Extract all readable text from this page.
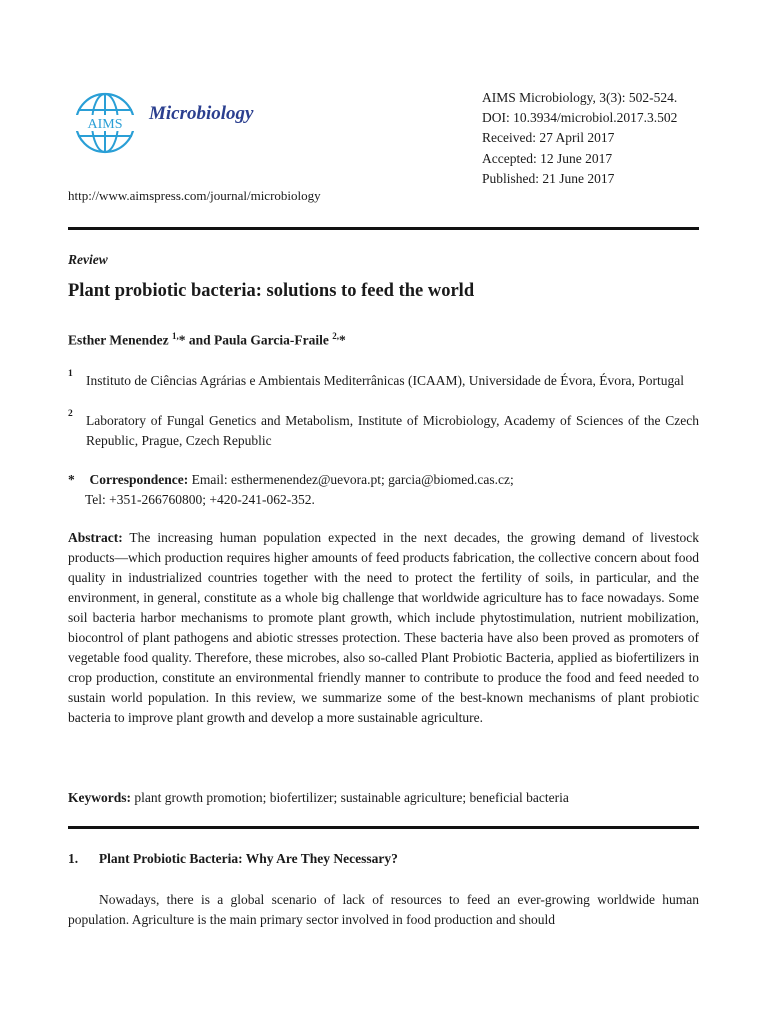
AIMS
Microbiology
AIMS Microbiology, 3(3): 502-524.
DOI: 10.3934/microbiol.2017.3.502
Received: 27 April 2017
Accepted: 12 June 2017
Published: 21 June 2017
http://www.aimspress.com/journal/microbiology
Review
Plant probiotic bacteria: solutions to feed the world
Esther Menendez $^{1,}$* and Paula Garcia-Fraile $^{2,}$*
1 Instituto de Ciências Agrárias e Ambientais Mediterrânicas (ICAAM), Universidade de Évora, Évora, Portugal
2 Laboratory of Fungal Genetics and Metabolism, Institute of Microbiology, Academy of Sciences of the Czech Republic, Prague, Czech Republic
* Correspondence: Email: esthermenendez@uevora.pt; garcia@biomed.cas.cz;
Tel: +351-266760800; +420-241-062-352.
Abstract: The increasing human population expected in the next decades, the growing demand of livestock products—which production requires higher amounts of feed products fabrication, the collective concern about food quality in industrialized countries together with the need to protect the fertility of soils, in particular, and the environment, in general, constitute as a whole big challenge that worldwide agriculture has to face nowadays. Some soil bacteria harbor mechanisms to promote plant growth, which include phytostimulation, nutrient mobilization, biocontrol of plant pathogens and abiotic stresses protection. These bacteria have also been proved as promoters of vegetable food quality. Therefore, these microbes, also so-called Plant Probiotic Bacteria, applied as biofertilizers in crop production, constitute an environmental friendly manner to contribute to produce the food and feed needed to sustain world population. In this review, we summarize some of the best-known mechanisms of plant probiotic bacteria to improve plant growth and develop a more sustainable agriculture.
Keywords: plant growth promotion; biofertilizer; sustainable agriculture; beneficial bacteria
1. Plant Probiotic Bacteria: Why Are They Necessary?
Nowadays, there is a global scenario of lack of resources to feed an ever-growing worldwide human population. Agriculture is the main primary sector involved in food production and should
